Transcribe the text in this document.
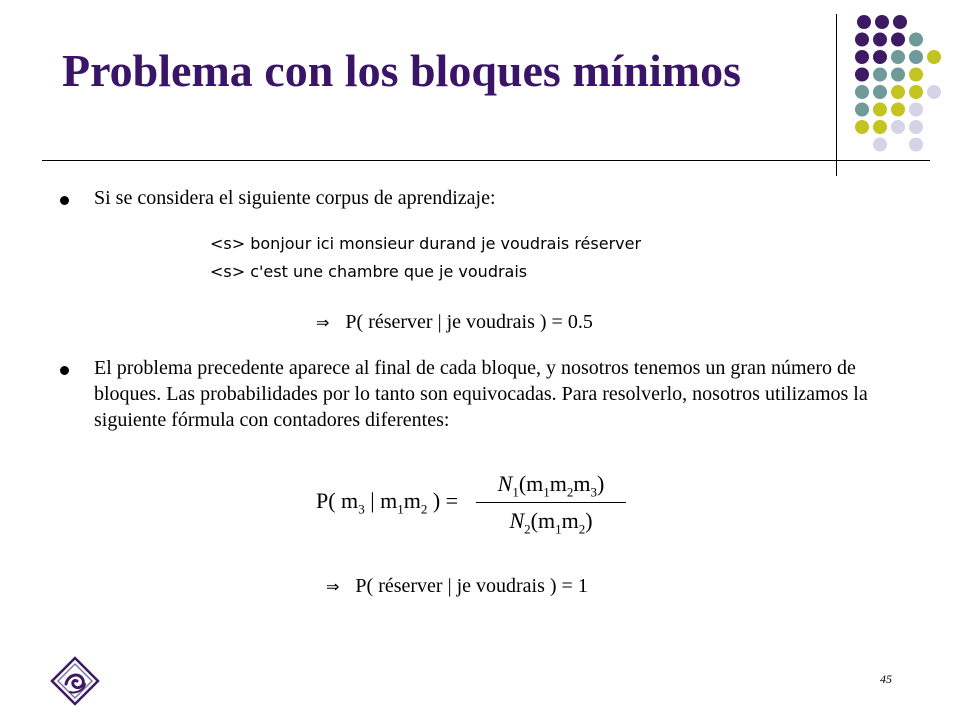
Problema con los bloques mínimos
Si se considera el siguiente corpus de aprendizaje:
<s> bonjour ici monsieur durand je voudrais réserver
<s> c'est une chambre que je voudrais
⇒ P( réserver | je voudrais ) = 0.5
El problema precedente aparece al final de cada bloque, y nosotros tenemos un gran número de bloques. Las probabilidades por lo tanto son equivocadas. Para resolverlo, nosotros utilizamos la siguiente fórmula con contadores diferentes:
P( $m_3$ | $m_1m_2$ ) =
$N_1(m_1m_2m_3)$
$N_2(m_1m_2)$
⇒ P( réserver | je voudrais ) = 1
45
